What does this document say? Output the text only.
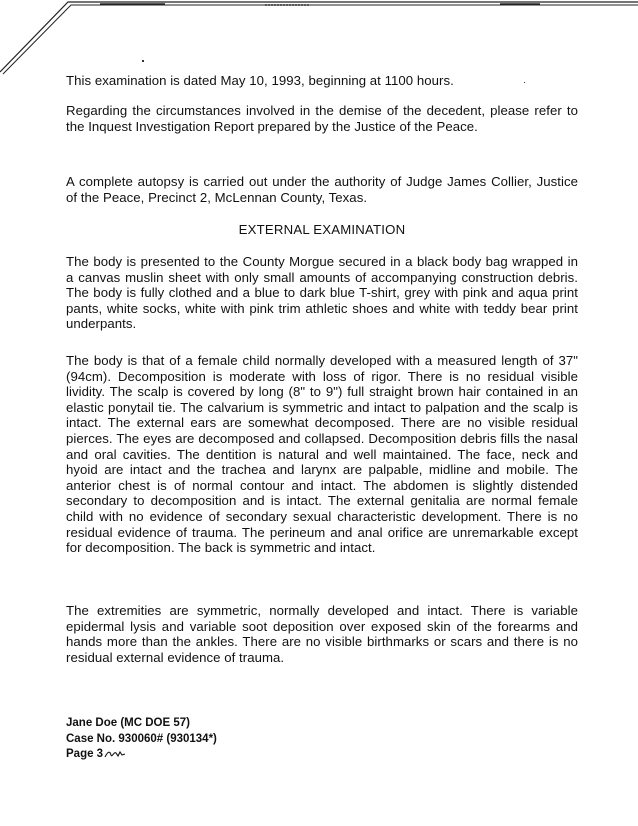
This examination is dated May 10, 1993, beginning at 1100 hours.

Regarding the circumstances involved in the demise of the decedent, please refer to the Inquest Investigation Report prepared by the Justice of the Peace.

A complete autopsy is carried out under the authority of Judge James Collier, Justice of the Peace, Precinct 2, McLennan County, Texas.

EXTERNAL EXAMINATION

The body is presented to the County Morgue secured in a black body bag wrapped in a canvas muslin sheet with only small amounts of accompanying construction debris. The body is fully clothed and a blue to dark blue T-shirt, grey with pink and aqua print pants, white socks, white with pink trim athletic shoes and white with teddy bear print underpants.

The body is that of a female child normally developed with a measured length of 37" (94cm). Decomposition is moderate with loss of rigor. There is no residual visible lividity. The scalp is covered by long (8" to 9") full straight brown hair contained in an elastic ponytail tie. The calvarium is symmetric and intact to palpation and the scalp is intact. The external ears are somewhat decomposed. There are no visible residual pierces. The eyes are decomposed and collapsed. Decomposition debris fills the nasal and oral cavities. The dentition is natural and well maintained. The face, neck and hyoid are intact and the trachea and larynx are palpable, midline and mobile. The anterior chest is of normal contour and intact. The abdomen is slightly distended secondary to decomposition and is intact. The external genitalia are normal female child with no evidence of secondary sexual characteristic development. There is no residual evidence of trauma. The perineum and anal orifice are unremarkable except for decomposition. The back is symmetric and intact.

The extremities are symmetric, normally developed and intact. There is variable epidermal lysis and variable soot deposition over exposed skin of the forearms and hands more than the ankles. There are no visible birthmarks or scars and there is no residual external evidence of trauma.

Jane Doe (MC DOE 57)
Case No. 930060# (930134*)
Page 3
